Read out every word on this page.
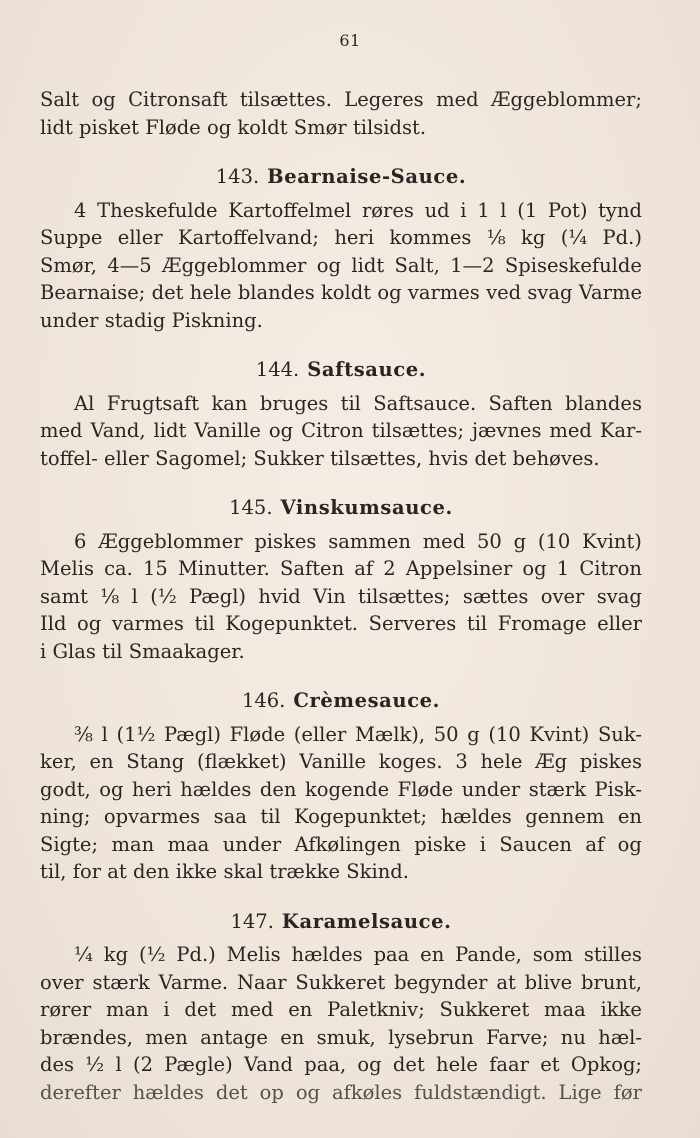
61
Salt og Citronsaft tilsættes. Legeres med Æggeblommer;
lidt pisket Fløde og koldt Smør tilsidst.
143. Bearnaise-Sauce.
4 Theskefulde Kartoffelmel røres ud i 1 l (1 Pot) tynd
Suppe eller Kartoffelvand; heri kommes ⅛ kg (¼ Pd.)
Smør, 4—5 Æggeblommer og lidt Salt, 1—2 Spiseskefulde
Bearnaise; det hele blandes koldt og varmes ved svag Varme
under stadig Piskning.
144. Saftsauce.
Al Frugtsaft kan bruges til Saftsauce. Saften blandes
med Vand, lidt Vanille og Citron tilsættes; jævnes med Kar-
toffel- eller Sagomel; Sukker tilsættes, hvis det behøves.
145. Vinskumsauce.
6 Æggeblommer piskes sammen med 50 g (10 Kvint)
Melis ca. 15 Minutter. Saften af 2 Appelsiner og 1 Citron
samt ⅛ l (½ Pægl) hvid Vin tilsættes; sættes over svag
Ild og varmes til Kogepunktet. Serveres til Fromage eller
i Glas til Smaakager.
146. Crèmesauce.
⅜ l (1½ Pægl) Fløde (eller Mælk), 50 g (10 Kvint) Suk-
ker, en Stang (flækket) Vanille koges. 3 hele Æg piskes
godt, og heri hældes den kogende Fløde under stærk Pisk-
ning; opvarmes saa til Kogepunktet; hældes gennem en
Sigte; man maa under Afkølingen piske i Saucen af og
til, for at den ikke skal trække Skind.
147. Karamelsauce.
¼ kg (½ Pd.) Melis hældes paa en Pande, som stilles
over stærk Varme. Naar Sukkeret begynder at blive brunt,
rører man i det med en Paletkniv; Sukkeret maa ikke
brændes, men antage en smuk, lysebrun Farve; nu hæl-
des ½ l (2 Pægle) Vand paa, og det hele faar et Opkog;
derefter hældes det op og afkøles fuldstændigt. Lige før
